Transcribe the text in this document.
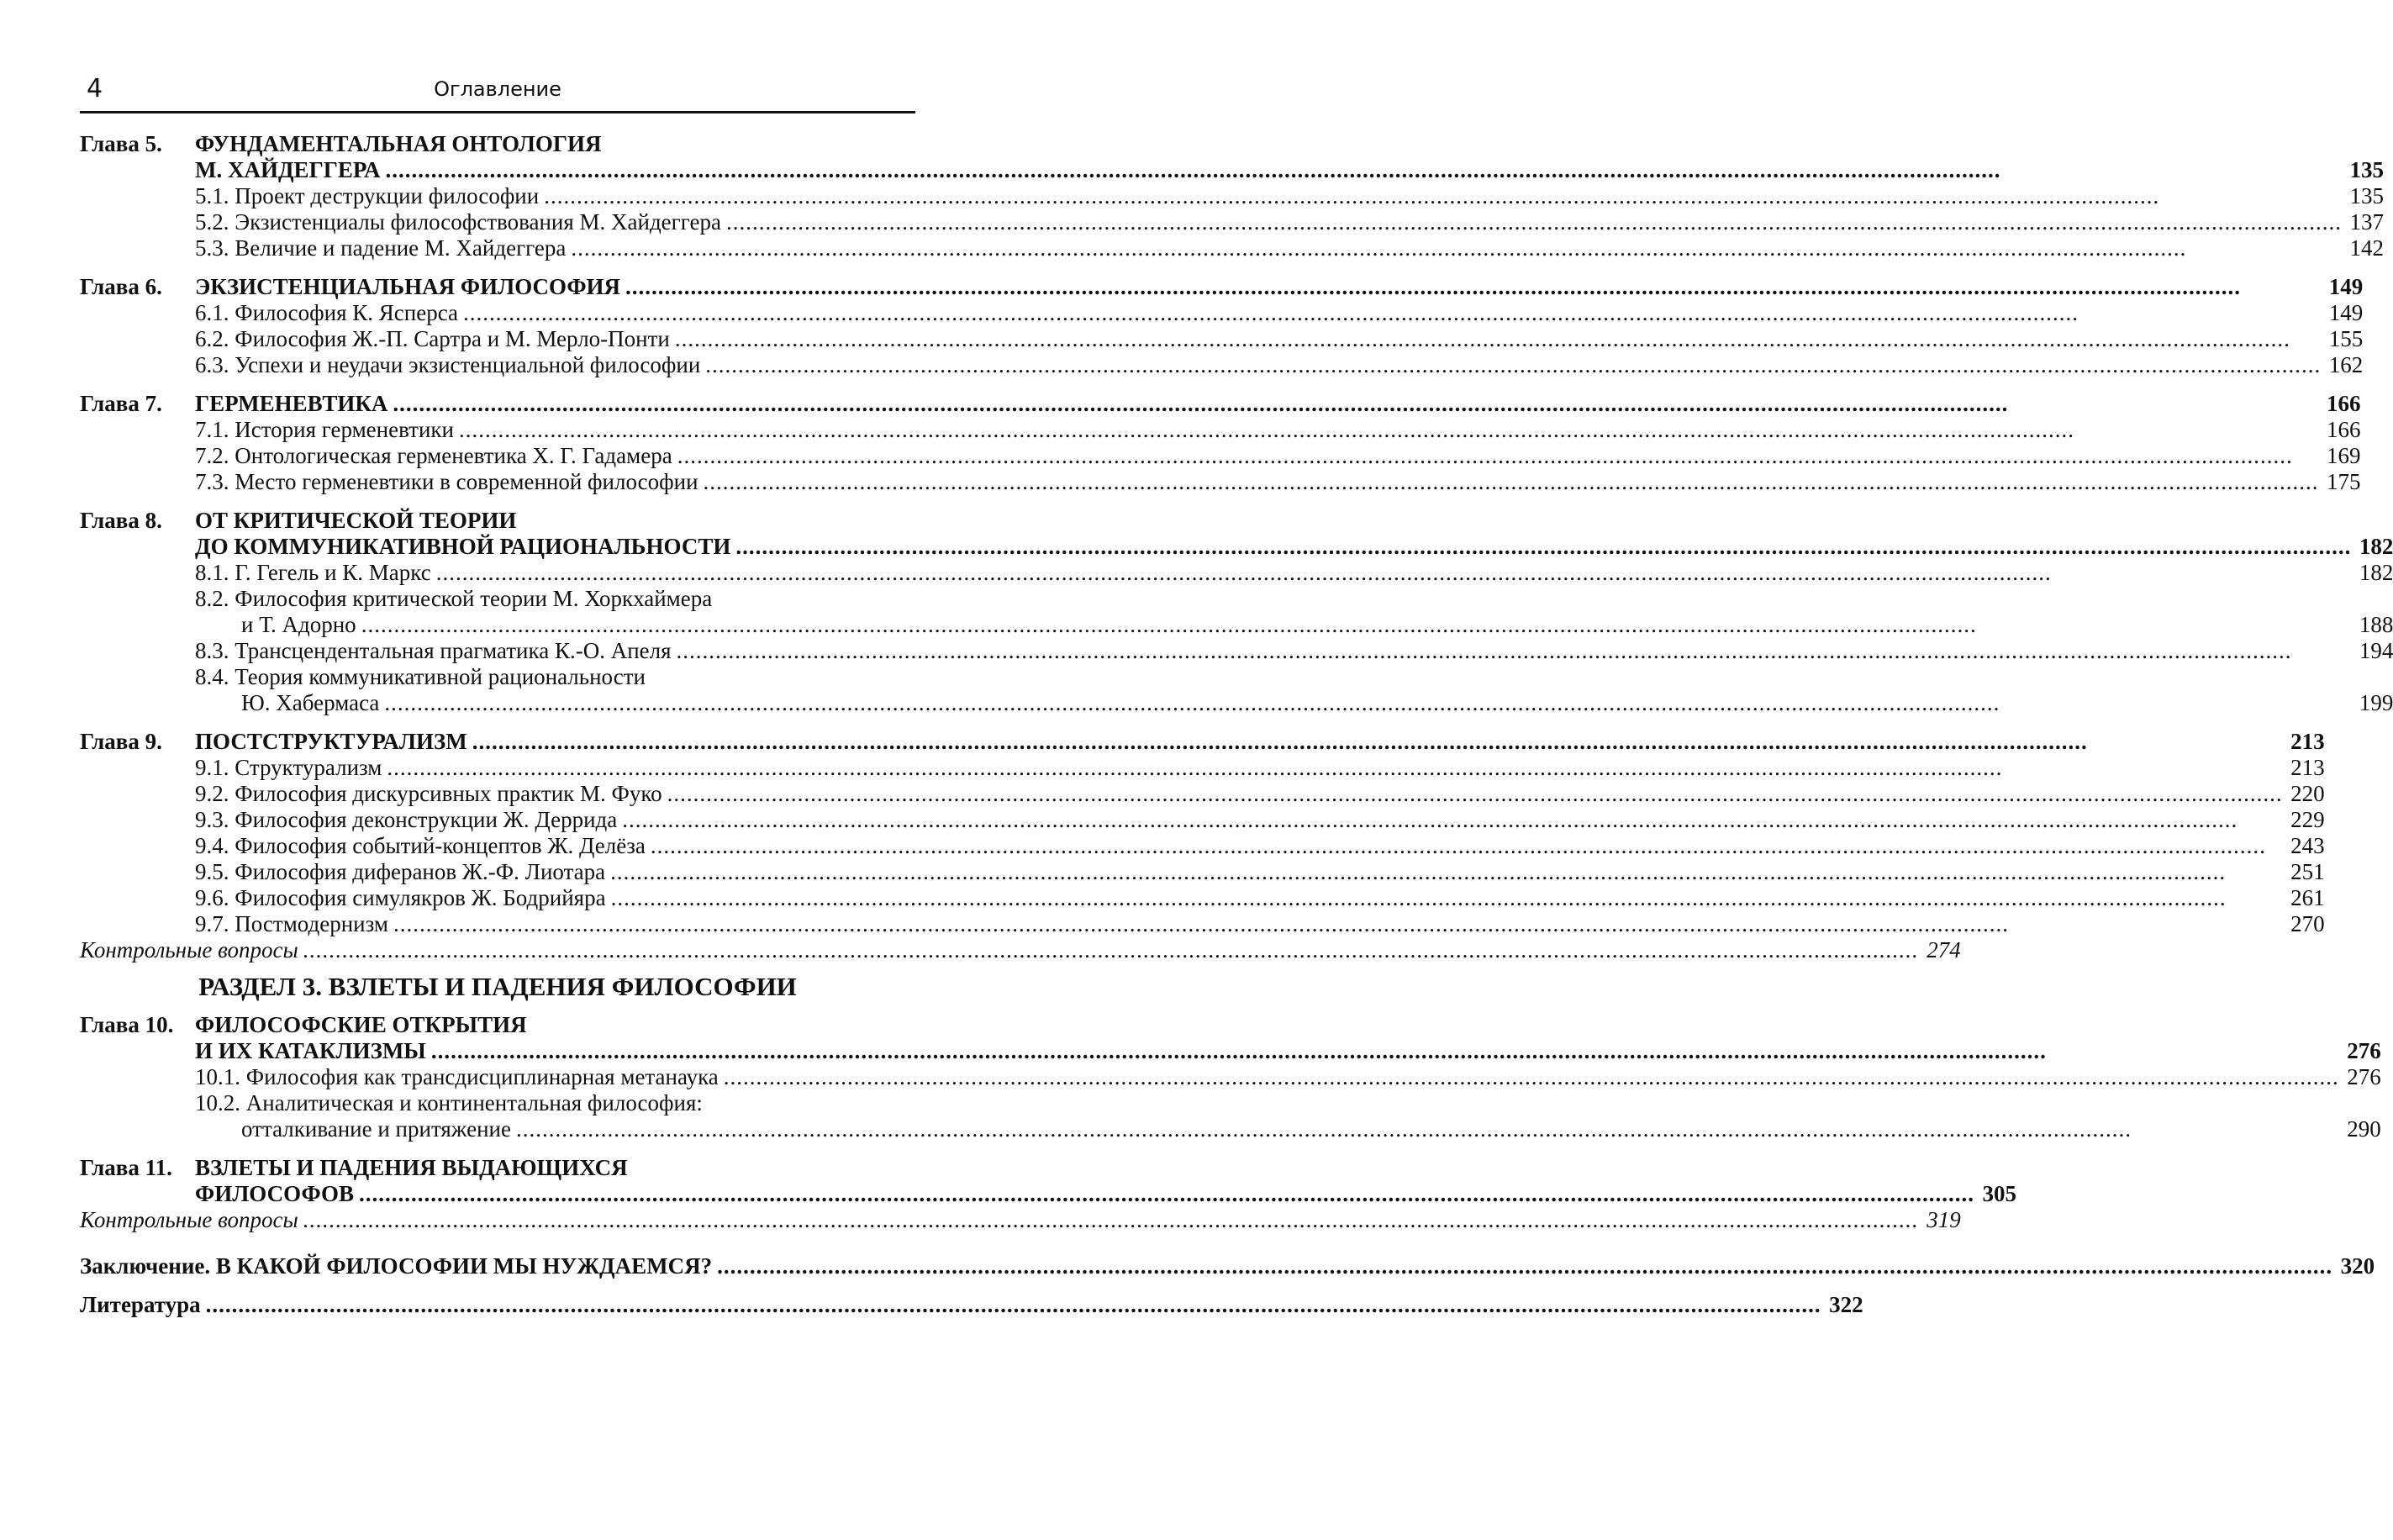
4	Оглавление
Глава 5.	ФУНДАМЕНТАЛЬНАЯ ОНТОЛОГИЯ
М. ХАЙДЕГГЕРА .....	135
5.1. Проект деструкции философии .....	135
5.2. Экзистенциалы философствования М. Хайдеггера .....	137
5.3. Величие и падение М. Хайдеггера .....	142
Глава 6.	ЭКЗИСТЕНЦИАЛЬНАЯ ФИЛОСОФИЯ .....	149
6.1. Философия К. Ясперса .....	149
6.2. Философия Ж.-П. Сартра и М. Мерло-Понти .....	155
6.3. Успехи и неудачи экзистенциальной философии .....	162
Глава 7.	ГЕРМЕНЕВТИКА .....	166
7.1. История герменевтики .....	166
7.2. Онтологическая герменевтика Х. Г. Гадамера .....	169
7.3. Место герменевтики в современной философии .....	175
Глава 8.	ОТ КРИТИЧЕСКОЙ ТЕОРИИ
ДО КОММУНИКАТИВНОЙ РАЦИОНАЛЬНОСТИ .....	182
8.1. Г. Гегель и К. Маркс .....	182
8.2. Философия критической теории М. Хоркхаймера
и Т. Адорно .....	188
8.3. Трансцендентальная прагматика К.-О. Апеля .....	194
8.4. Теория коммуникативной рациональности
Ю. Хабермаса .....	199
Глава 9.	ПОСТСТРУКТУРАЛИЗМ .....	213
9.1. Структурализм .....	213
9.2. Философия дискурсивных практик М. Фуко .....	220
9.3. Философия деконструкции Ж. Деррида .....	229
9.4. Философия событий-концептов Ж. Делёза .....	243
9.5. Философия диферанов Ж.-Ф. Лиотара .....	251
9.6. Философия симулякров Ж. Бодрийяра .....	261
9.7. Постмодернизм .....	270
Контрольные вопросы .....	274
РАЗДЕЛ 3. ВЗЛЕТЫ И ПАДЕНИЯ ФИЛОСОФИИ
Глава 10. ФИЛОСОФСКИЕ ОТКРЫТИЯ
И ИХ КАТАКЛИЗМЫ .....	276
10.1. Философия как трансдисциплинарная метанаука .....	276
10.2. Аналитическая и континентальная философия:
отталкивание и притяжение .....	290
Глава 11.	ВЗЛЕТЫ И ПАДЕНИЯ ВЫДАЮЩИХСЯ
ФИЛОСОФОВ .....	305
Контрольные вопросы .....	319
Заключение. В КАКОЙ ФИЛОСОФИИ МЫ НУЖДАЕМСЯ? .....	320
Литература .....	322
